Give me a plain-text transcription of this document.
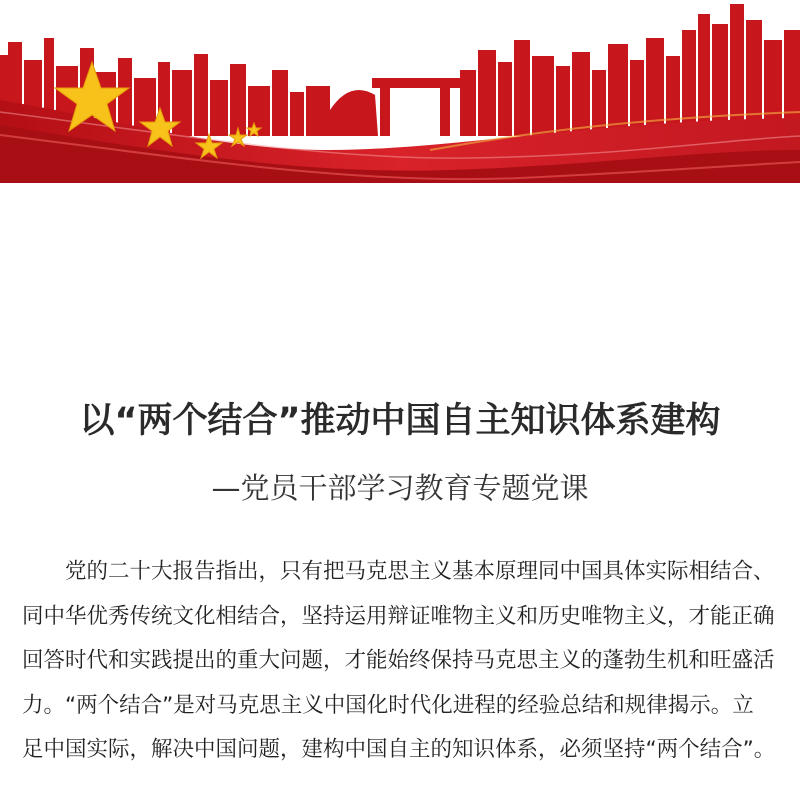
以“两个结合”推动中国自主知识体系建构
—党员干部学习教育专题党课
党的二十大报告指出，只有把马克思主义基本原理同中国具体实际相结合、
同中华优秀传统文化相结合，坚持运用辩证唯物主义和历史唯物主义，才能正确
回答时代和实践提出的重大问题，才能始终保持马克思主义的蓬勃生机和旺盛活
力。“两个结合”是对马克思主义中国化时代化进程的经验总结和规律揭示。立
足中国实际，解决中国问题，建构中国自主的知识体系，必须坚持“两个结合”。
